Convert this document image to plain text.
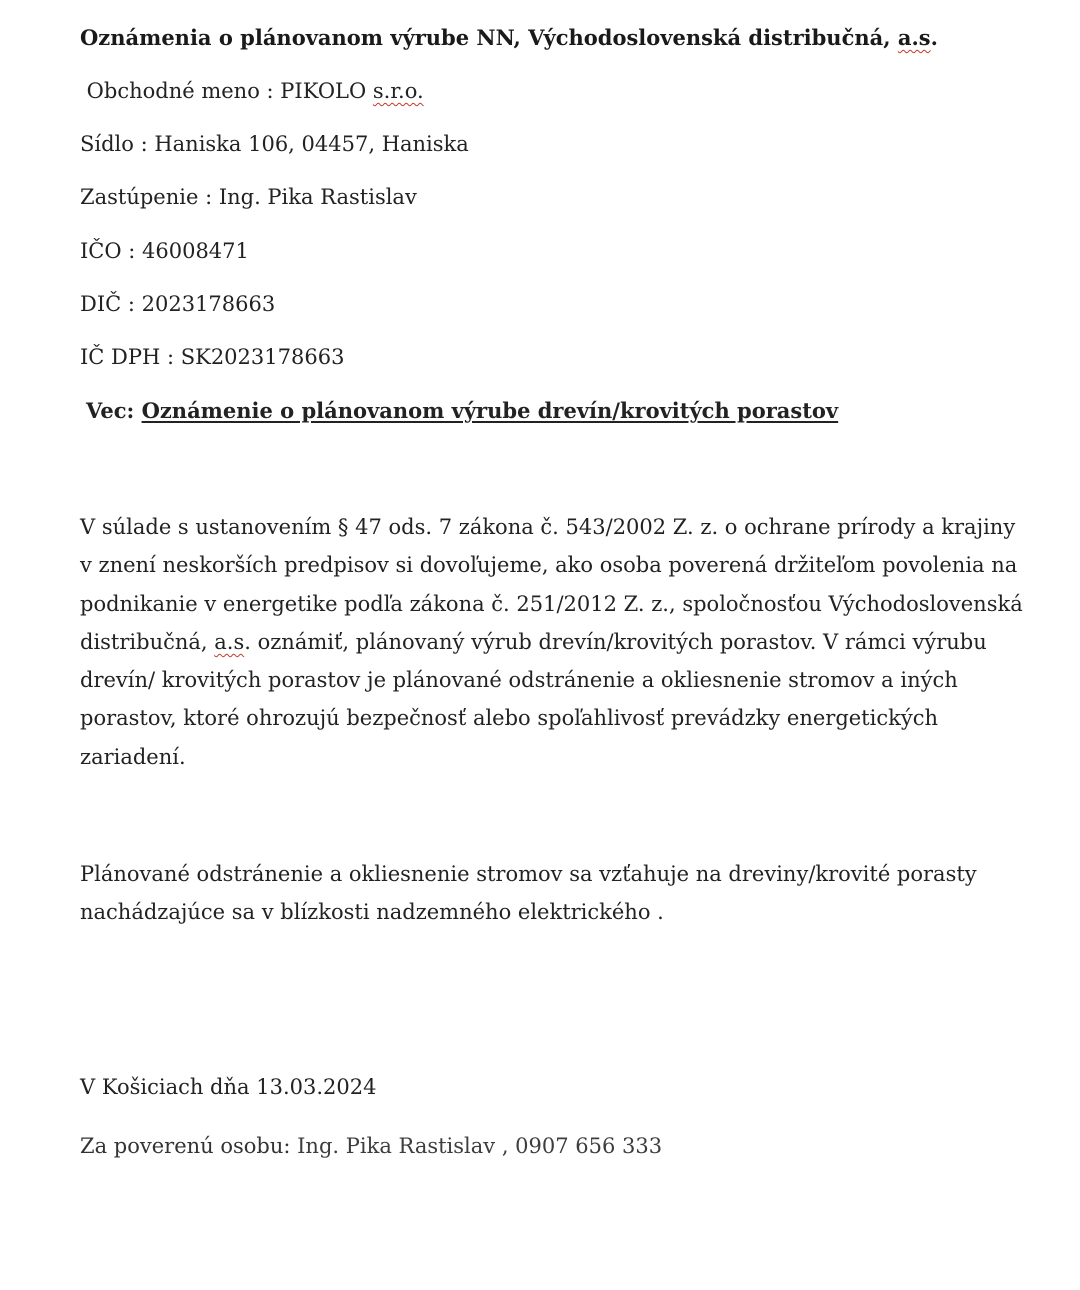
Oznámenia o plánovanom výrube NN, Východoslovenská distribučná, a.s.
Obchodné meno : PIKOLO s.r.o.
Sídlo : Haniska 106, 04457, Haniska
Zastúpenie : Ing. Pika Rastislav
IČO : 46008471
DIČ : 2023178663
IČ DPH : SK2023178663
Vec: Oznámenie o plánovanom výrube drevín/krovitých porastov
V súlade s ustanovením § 47 ods. 7 zákona č. 543/2002 Z. z. o ochrane prírody a krajiny
v znení neskorších predpisov si dovoľujeme, ako osoba poverená držiteľom povolenia na
podnikanie v energetike podľa zákona č. 251/2012 Z. z., spoločnosťou Východoslovenská
distribučná, a.s. oznámiť, plánovaný výrub drevín/krovitých porastov. V rámci výrubu
drevín/ krovitých porastov je plánované odstránenie a okliesnenie stromov a iných
porastov, ktoré ohrozujú bezpečnosť alebo spoľahlivosť prevádzky energetických
zariadení.
Plánované odstránenie a okliesnenie stromov sa vzťahuje na dreviny/krovité porasty
nachádzajúce sa v blízkosti nadzemného elektrického .
V Košiciach dňa 13.03.2024
Za poverenú osobu: Ing. Pika Rastislav , 0907 656 333
